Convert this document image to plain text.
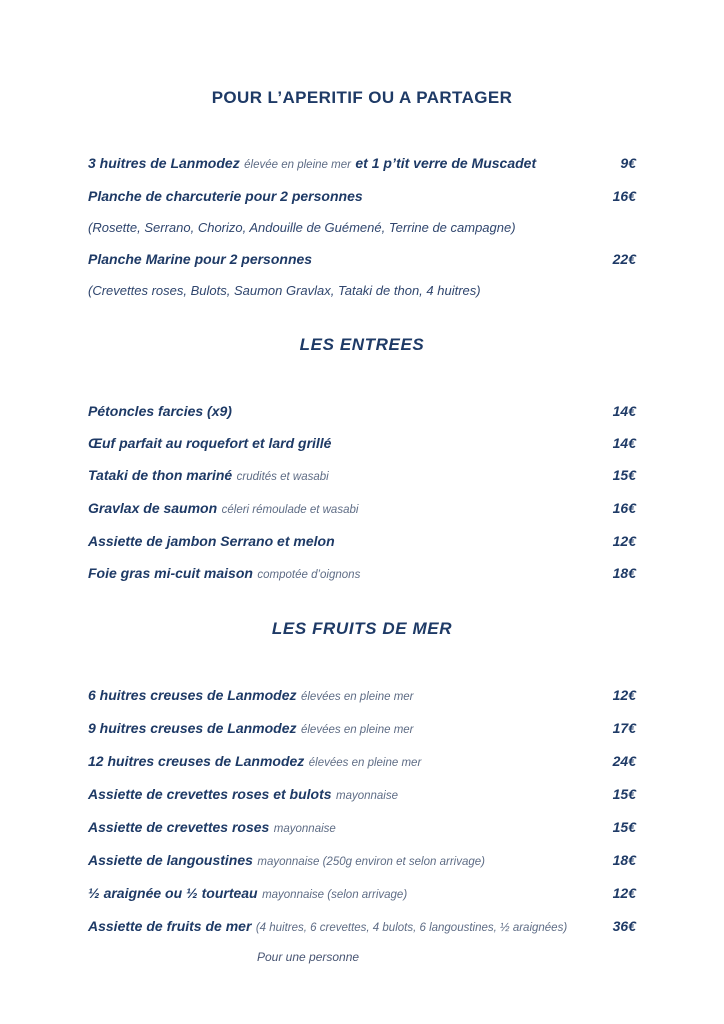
POUR L’APERITIF OU A PARTAGER

3 huitres de Lanmodez élevée en pleine mer et 1 p’tit verre de Muscadet	9€

Planche de charcuterie pour 2 personnes	16€

(Rosette, Serrano, Chorizo, Andouille de Guémené, Terrine de campagne)

Planche Marine pour 2 personnes	22€

(Crevettes roses, Bulots, Saumon Gravlax, Tataki de thon, 4 huitres)

LES ENTREES

Pétoncles farcies (x9)	14€

Œuf parfait au roquefort et lard grillé	14€

Tataki de thon mariné crudités et wasabi	15€

Gravlax de saumon céleri rémoulade et wasabi	16€

Assiette de jambon Serrano et melon	12€

Foie gras mi-cuit maison compotée d’oignons	18€
LES FRUITS DE MER

6 huitres creuses de Lanmodez élevées en pleine mer	12€

9 huitres creuses de Lanmodez élevées en pleine mer	17€

12 huitres creuses de Lanmodez élevées en pleine mer	24€

Assiette de crevettes roses et bulots mayonnaise	15€

Assiette de crevettes roses mayonnaise	15€

Assiette de langoustines mayonnaise (250g environ et selon arrivage)	18€

½ araignée ou ½ tourteau mayonnaise (selon arrivage)	12€

Assiette de fruits de mer (4 huitres, 6 crevettes, 4 bulots, 6 langoustines, ½ araignées)	36€

Pour une personne
